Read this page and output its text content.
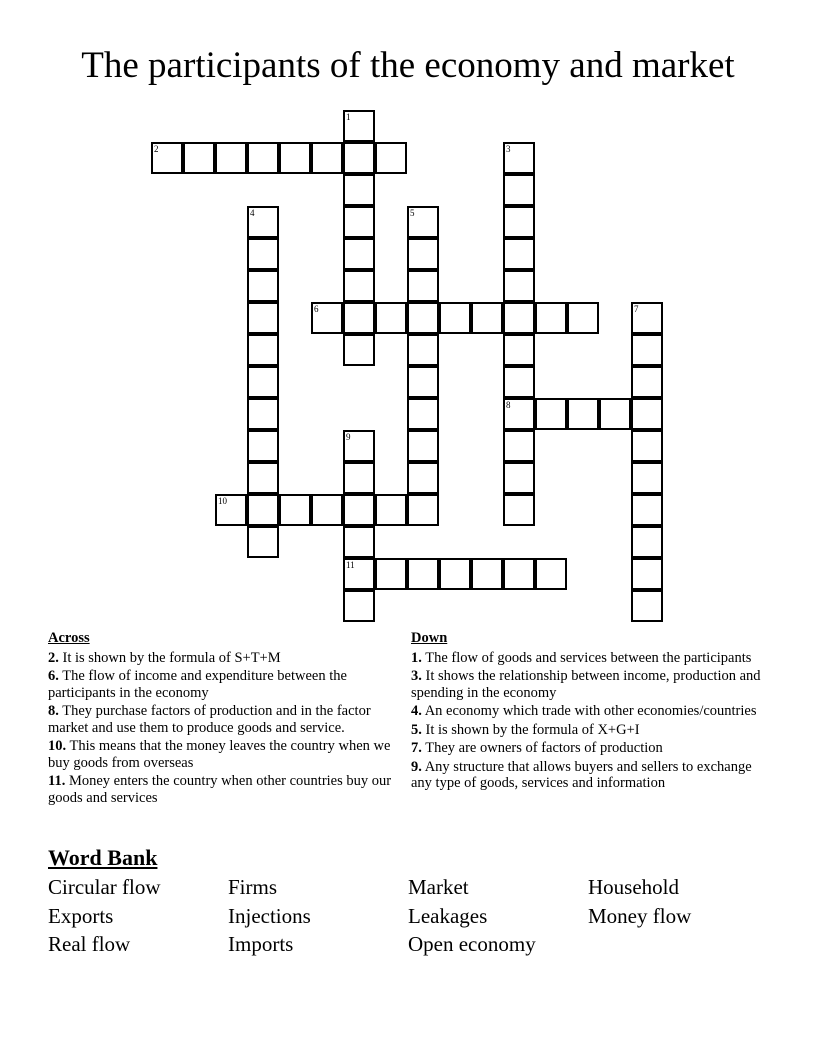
The participants of the economy and market
2
6
8
10
11
1
3
4	5
7
9
Across
2. It is shown by the formula of S+T+M
6. The flow of income and expenditure between the participants in the economy
8. They purchase factors of production and in the factor market and use them to produce goods and service.
10. This means that the money leaves the country when we buy goods from overseas
11. Money enters the country when other countries buy our goods and services
Down
1. The flow of goods and services between the participants
3. It shows the relationship between income, production and spending in the economy
4. An economy which trade with other economies/countries
5. It is shown by the formula of X+G+I
7. They are owners of factors of production
9. Any structure that allows buyers and sellers to exchange any type of goods, services and information
Word Bank
Circular flow	Firms	Market	Household
Exports	Injections	Leakages	Money flow
Real flow	Imports	Open economy
